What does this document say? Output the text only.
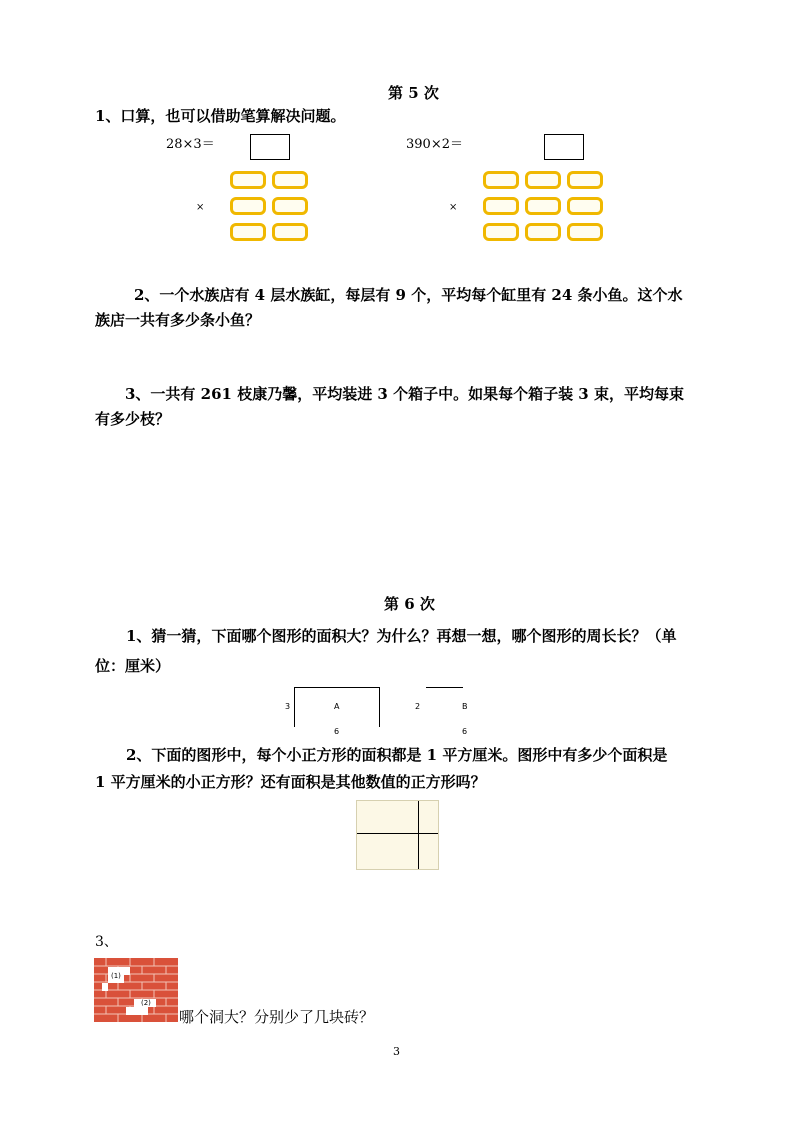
第 5 次
1、口算，也可以借助笔算解决问题。
28×3＝	390×2＝
×	×
2、一个水族店有 4 层水族缸，每层有 9 个，平均每个缸里有 24 条小鱼。这个水
族店一共有多少条小鱼？
3、一共有 261 枝康乃馨，平均装进 3 个箱子中。如果每个箱子装 3 束，平均每束
有多少枝？
第 6 次
1、猜一猜，下面哪个图形的面积大？为什么？再想一想，哪个图形的周长长？（单
位：厘米）
3	A
6
2	B
6
2、下面的图形中，每个小正方形的面积都是 1 平方厘米。图形中有多少个面积是
1 平方厘米的小正方形？还有面积是其他数值的正方形吗？
3、
(1)
(2)
哪个洞大？分别少了几块砖？
3
